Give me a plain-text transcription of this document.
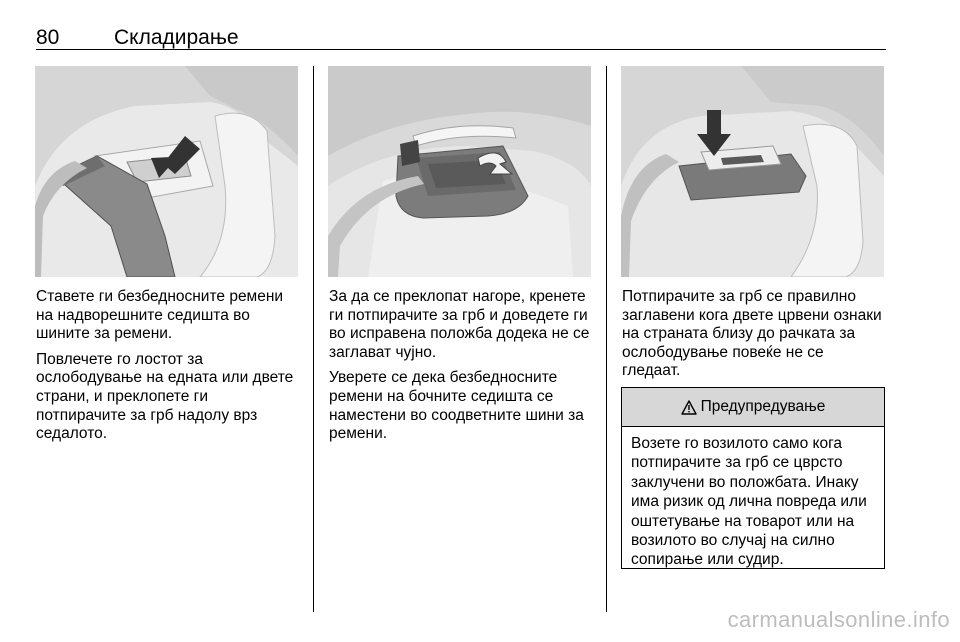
80	Складирање

Ставете ги безбедносните ремени на надворешните седишта во шините за ремени.

Повлечете го лостот за ослободување на едната или двете страни, и преклопете ги потпирачите за грб надолу врз седалото.

За да се преклопат нагоре, кренете ги потпирачите за грб и доведете ги во исправена положба додека не се заглават чујно.

Уверете се дека безбедносните ремени на бочните седишта се наместени во соодветните шини за ремени.

Потпирачите за грб се правилно заглавени кога двете црвени ознаки на страната близу до рачката за ослободување повеќе не се гледаат.

Предупредување
Возете го возилото само кога потпирачите за грб се цврсто заклучени во положбата. Инаку има ризик од лична повреда или оштетување на товарот или на возилото во случај на силно сопирање или судир.
carmanualsonline.info
